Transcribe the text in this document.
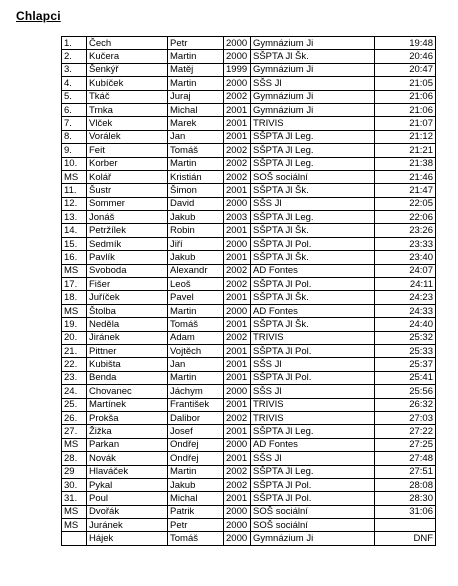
Chlapci
1.	Čech	Petr	2000	Gymnázium Ji	19:48
2.	Kučera	Martin	2000	SŠPTA Jl Šk.	20:46
3.	Šenkýř	Matěj	1999	Gymnázium Ji	20:47
4.	Kubíček	Martin	2000	SŠS Jl	21:05
5.	Tkáč	Juraj	2002	Gymnázium Ji	21:06
6.	Trnka	Michal	2001	Gymnázium Ji	21:06
7.	Vlček	Marek	2001	TRIVIS	21:07
8.	Vorálek	Jan	2001	SŠPTA Jl Leg.	21:12
9.	Feit	Tomáš	2002	SŠPTA Jl Leg.	21:21
10.	Korber	Martin	2002	SŠPTA Jl Leg.	21:38
MS	Kolář	Kristián	2002	SOŠ sociální	21:46
11.	Šustr	Šimon	2001	SŠPTA Jl Šk.	21:47
12.	Sommer	David	2000	SŠS Jl	22:05
13.	Jonáš	Jakub	2003	SŠPTA Jl Leg.	22:06
14.	Petržílek	Robin	2001	SŠPTA Jl Šk.	23:26
15.	Sedmík	Jiří	2000	SŠPTA Jl Pol.	23:33
16.	Pavlík	Jakub	2001	SŠPTA Jl Šk.	23:40
MS	Svoboda	Alexandr	2002	AD Fontes	24:07
17.	Fišer	Leoš	2002	SŠPTA Jl Pol.	24:11
18.	Juříček	Pavel	2001	SŠPTA Jl Šk.	24:23
MS	Štolba	Martin	2000	AD Fontes	24:33
19.	Neděla	Tomáš	2001	SŠPTA Jl Šk.	24:40
20.	Jiránek	Adam	2002	TRIVIS	25:32
21.	Pittner	Vojtěch	2001	SŠPTA Jl Pol.	25:33
22.	Kubišta	Jan	2001	SŠS Jl	25:37
23.	Benda	Martin	2001	SŠPTA Jl Pol.	25:41
24.	Chovanec	Jáchym	2000	SŠS Jl	25:56
25.	Martínek	František	2001	TRIVIS	26:32
26.	Prokša	Dalibor	2002	TRIVIS	27:03
27.	Žižka	Josef	2001	SŠPTA Jl Leg.	27:22
MS	Parkan	Ondřej	2000	AD Fontes	27:25
28.	Novák	Ondřej	2001	SŠS Jl	27:48
29	Hlaváček	Martin	2002	SŠPTA Jl Leg.	27:51
30.	Pykal	Jakub	2002	SŠPTA Jl Pol.	28:08
31.	Poul	Michal	2001	SŠPTA Jl Pol.	28:30
MS	Dvořák	Patrik	2000	SOŠ sociální	31:06
MS	Juránek	Petr	2000	SOŠ sociální	
	Hájek	Tomáš	2000	Gymnázium Ji	DNF
